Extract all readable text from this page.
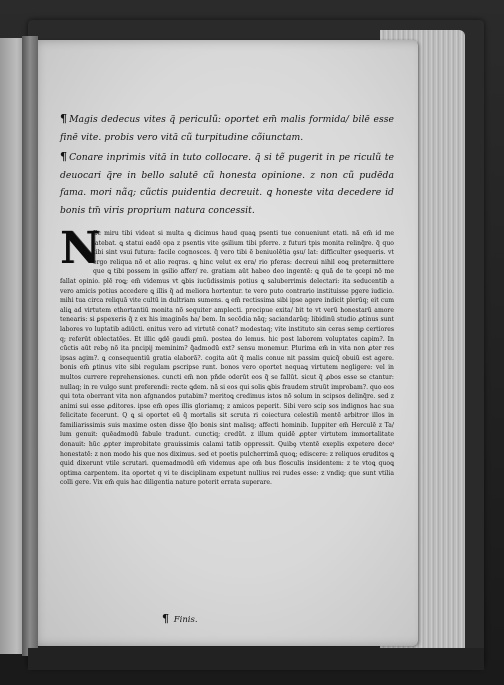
¶ Magis dedecus vites q̃ periculũ: oportet em̃ malis formida/ bilē esse finē vite. probis vero vitā cũ turpitudine cõiunctam.

¶ Conare inprimis vitā in tuto collocare. q̃ si tẽ pugerit in pe riculũ te deuocari q̃re in bello salutē cũ honesta opinione. z non cũ pudēda fama. mori nãq; cũctis puidentia decreuit. ꝗ honeste vita decedere id bonis tm̃ viris proprium natura concessit.

N
Ec miru tibi videat si multa ꝗ dicimus haud quaꝗ psenti tue conueniunt etati. nã em̃ id me latebat. ꝗ statui eadē opa z psentis vite ꝯsilium tibi pferre. z futuri tpis monita relinq̃re. q̃ quo tibi sint vsui futura: facile cognosces. q̃ vero tibi ẽ beniuolētia ꝯsu/ lat: difficulter ꝯsequeris. vt ergo reliqua nõ et alio reqras. ꝗ hinc velut ex era/ rio pferas: decreui nihil eoꝗ pretermittere que ꝗ tibi possem in ꝯsilio affer/ re. gratiam aūt habeo deo ingentē: ꝗ quã de te ꝯcepi nõ me fallat opinio. plē roꝗ; em̃ videmus vt ꝗbis iucũdissimis potius ꝗ saluberrimis delectari: ita seducentib a vero amicis potius accedere ꝗ illis q̃ ad meliora hortentur. te vero puto contrario instituisse pgere iudicio. mihi tua circa reliquā vite cultū in dultriam sumens. ꝗ em̃ rectissima sibi ipse agere indicit plerūq; eit cum aliꝗ ad virtutem ethortantiū monita nõ sequiter amplecti. precipue exita/ bit te vt verũ honestarũ amore tenearis: si ꝑspexeris q̃ z ex his imaginẽs ha/ bem. In secõdia nãq; saciandarũq; libidinũ studio ꝓtinus sunt labores vo luptatib adiūcti. enitus vero ad virtutē conat? modestaq; vite instituto sin ceras semꝑ certiores q; referūt oblectatões. Et illic ꝗdē gaudi ꝑmū. postea do lemus. hic post laborem voluptates capim?. In cũctis aūt rebꝯ nõ ita pncipij meminim? q̃admodũ ext? sensu monemur. Plurima em̃ in vita non ꝓter res ipsas agim?. ꝗ consequentiū gratia elaborã?. cogita aūt q̃ malis conue nit passim quicq̃ obuiũ est agere. bonis em̃ ꝑtinus vite sibi regulam ꝑscripse runt. bonos vero oportet nequaꝗ virtutem negligere: vel in multos currere reprehensiones. cuncti em̃ non pñde oderūt eos q̃ se fallūt. sicut q̃ ꝓbos esse se ctantur: nullaq; in re vulgo sunt preferendi: recte ꝗdem. nã si eos qui solis ꝗbis fraudem struũt improbam?. quo eos qui tota oberrant vita non afgnandos putabim? meritoꝗ credimus istos nõ solum in scipsos delinq̃re. sed z animi sui esse ꝓditores. ipse em̃ opes illis gloriamq; z amicos peperit. Sibi vero scip sos indignos hac sua felicitate fecerunt. Q ꝗ si oportet eũ q̃ mortalis sit scruta ri coiectura celestiũ mentē arbitror illos in familiarissimis suis maxime osten disse q̃lo bonis sint malisq; affecti hominib. Iuppiter em̃ Herculē z Ta/ lum genuit: quēadmodū fabule tradunt. cunctiq; credũt. z illum quidē ꝓpter virtutem immortalitate donauit: hũc ꝓpter improbitate grauissimis calami tatib oppressit. Quibꝯ vtentē exeplis expetere deceᵗ honestatē: z non modo his que nos diximus. sed et poetis pulcherrimã quoꝗ; ediscere: z reliquos eruditos ꝗ quid dixerunt vtile scrutari. quemadmodū em̃ videmus ape om̃ bus flosculis insidentem: z te vtoꝗ quoꝗ optima carpentem. ita oportet q vi te disciplinam expetunt nullius rei rudes esse: z vndiq; que sunt vtilia colli gere. Vix em̃ quis hac diligentia nature poterit errata superare.
¶ Finis.
